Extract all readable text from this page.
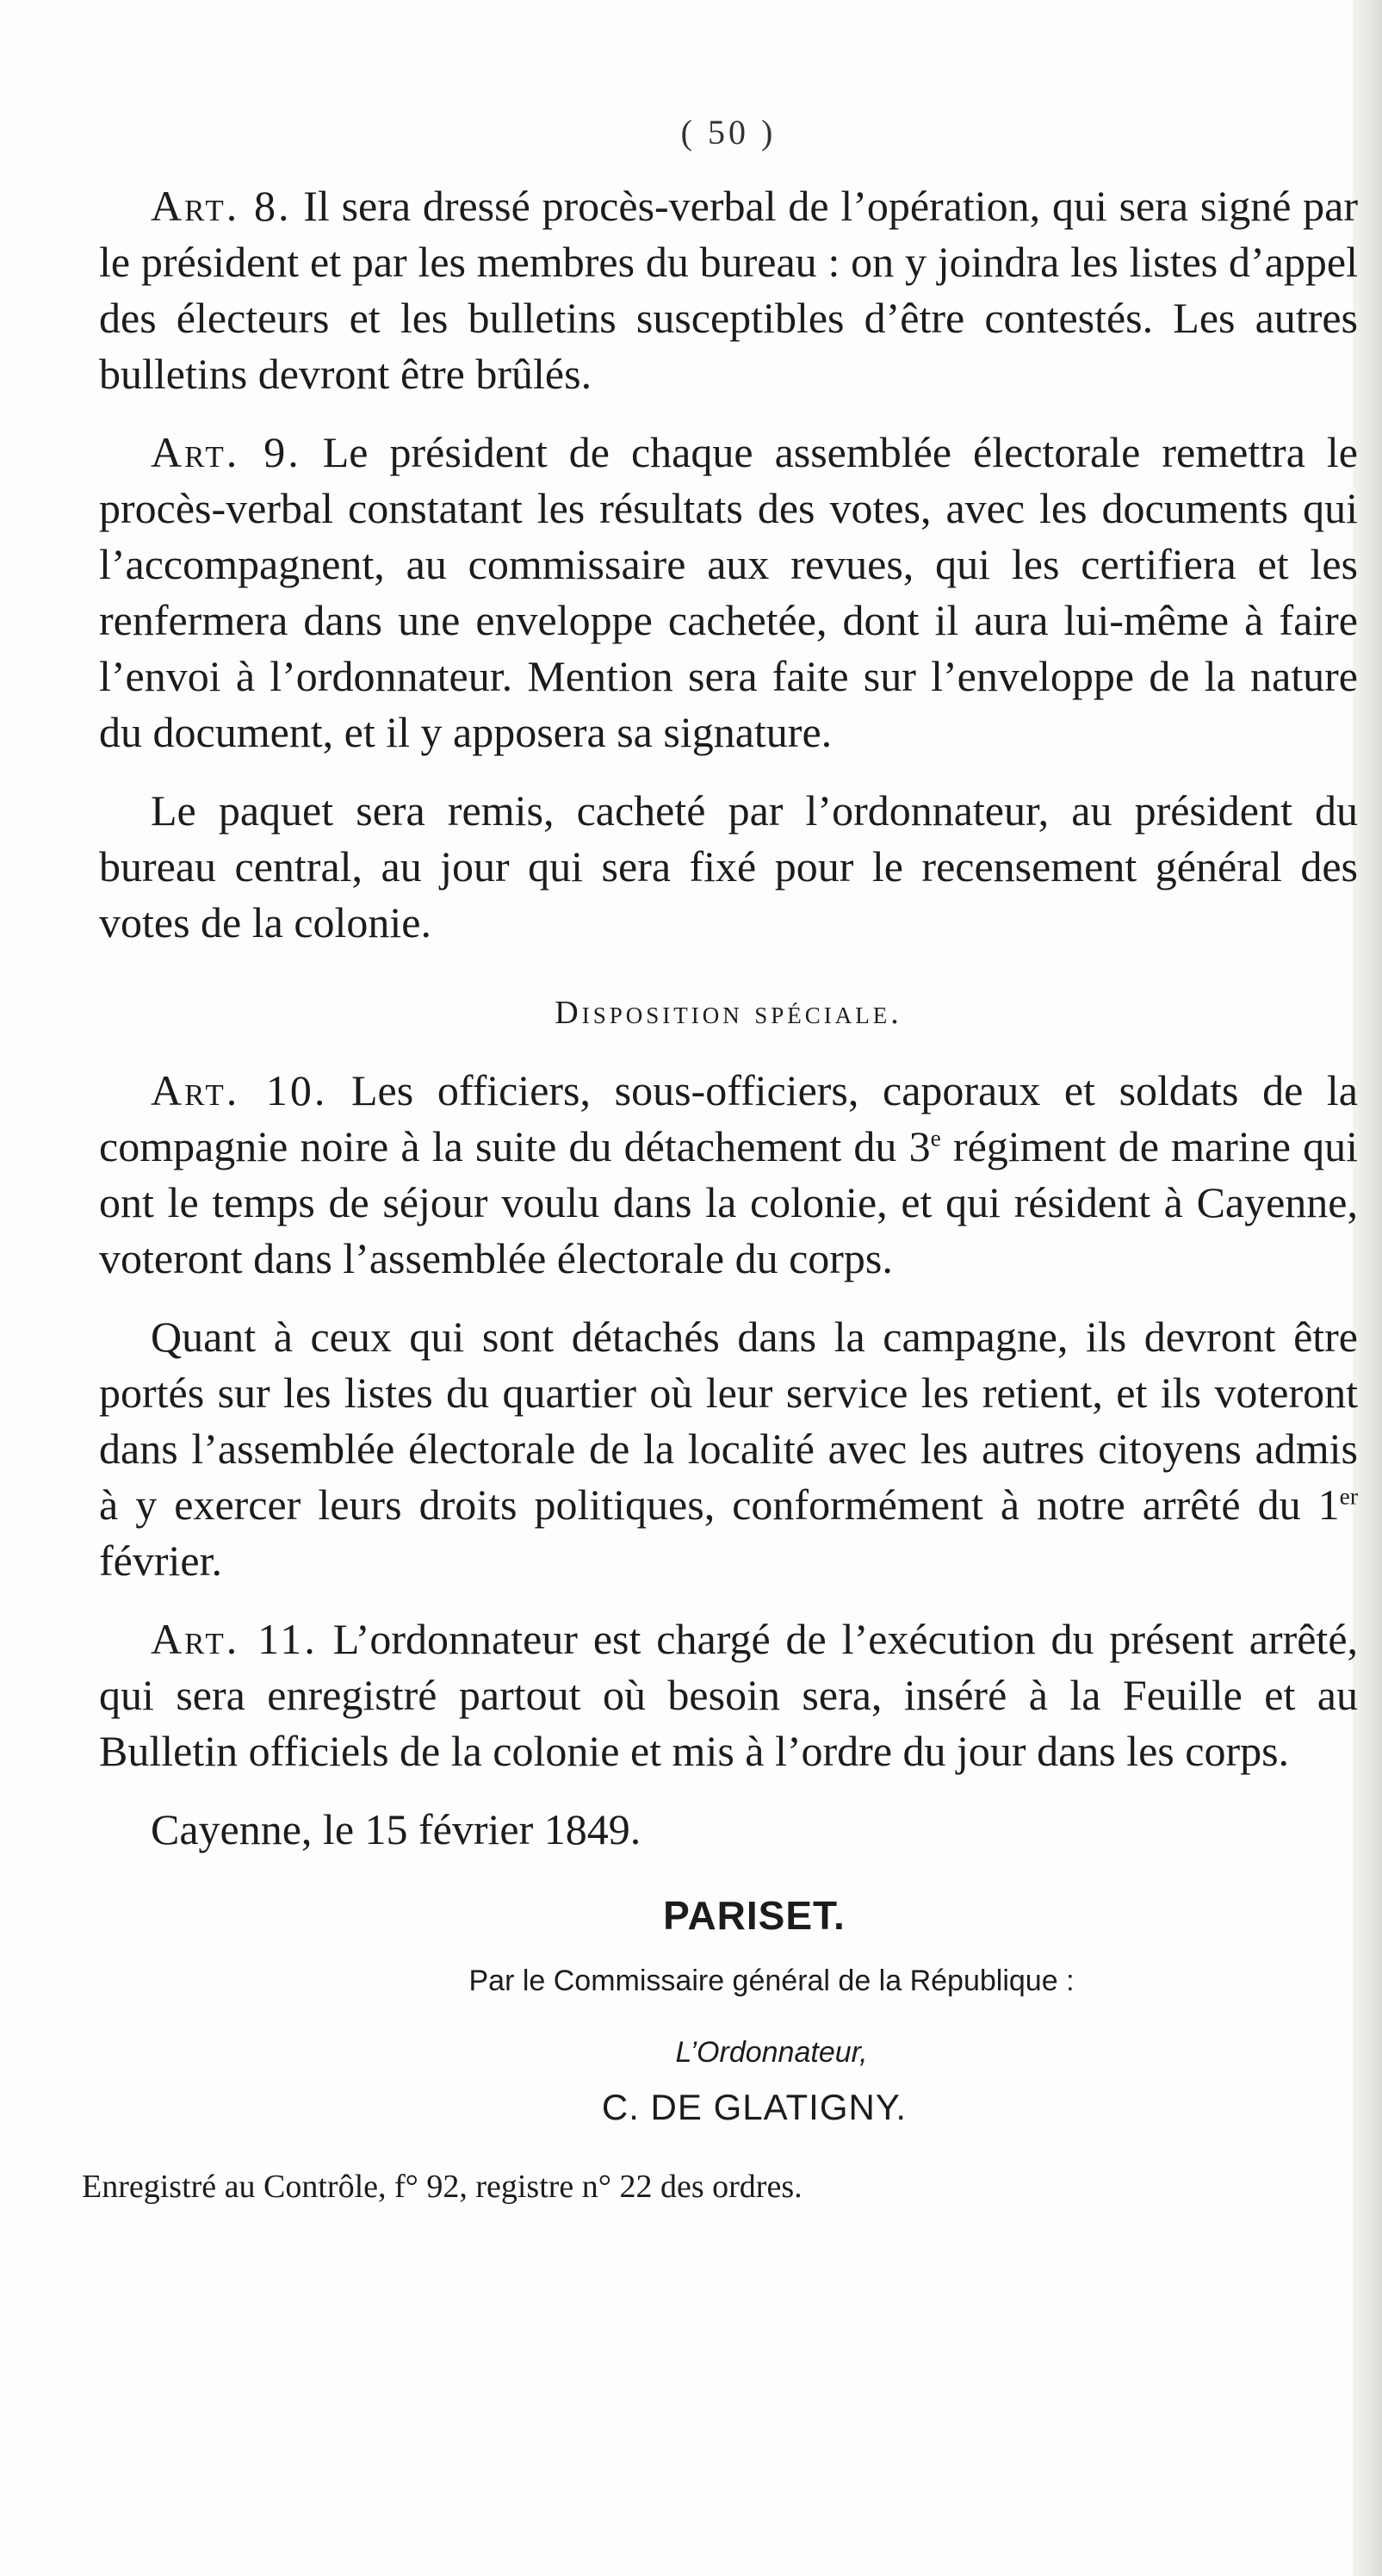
( 50 )

Art. 8. Il sera dressé procès-verbal de l’opération, qui sera signé par le président et par les membres du bureau : on y joindra les listes d’appel des électeurs et les bulletins susceptibles d’être contestés. Les autres bulletins devront être brûlés.

Art. 9. Le président de chaque assemblée électorale remettra le procès-verbal constatant les résultats des votes, avec les documents qui l’accompagnent, au commissaire aux revues, qui les certifiera et les renfermera dans une enveloppe cachetée, dont il aura lui-même à faire l’envoi à l’ordonnateur. Mention sera faite sur l’enveloppe de la nature du document, et il y apposera sa signature.

Le paquet sera remis, cacheté par l’ordonnateur, au président du bureau central, au jour qui sera fixé pour le recensement général des votes de la colonie.

Disposition spéciale.

Art. 10. Les officiers, sous-officiers, caporaux et soldats de la compagnie noire à la suite du détachement du 3e régiment de marine qui ont le temps de séjour voulu dans la colonie, et qui résident à Cayenne, voteront dans l’assemblée électorale du corps.

Quant à ceux qui sont détachés dans la campagne, ils devront être portés sur les listes du quartier où leur service les retient, et ils voteront dans l’assemblée électorale de la localité avec les autres citoyens admis à y exercer leurs droits politiques, conformément à notre arrêté du 1er février.

Art. 11. L’ordonnateur est chargé de l’exécution du présent arrêté, qui sera enregistré partout où besoin sera, inséré à la Feuille et au Bulletin officiels de la colonie et mis à l’ordre du jour dans les corps.

Cayenne, le 15 février 1849.

PARISET.
Par le Commissaire général de la République :
L’Ordonnateur,
C. DE GLATIGNY.

Enregistré au Contrôle, f° 92, registre n° 22 des ordres.
